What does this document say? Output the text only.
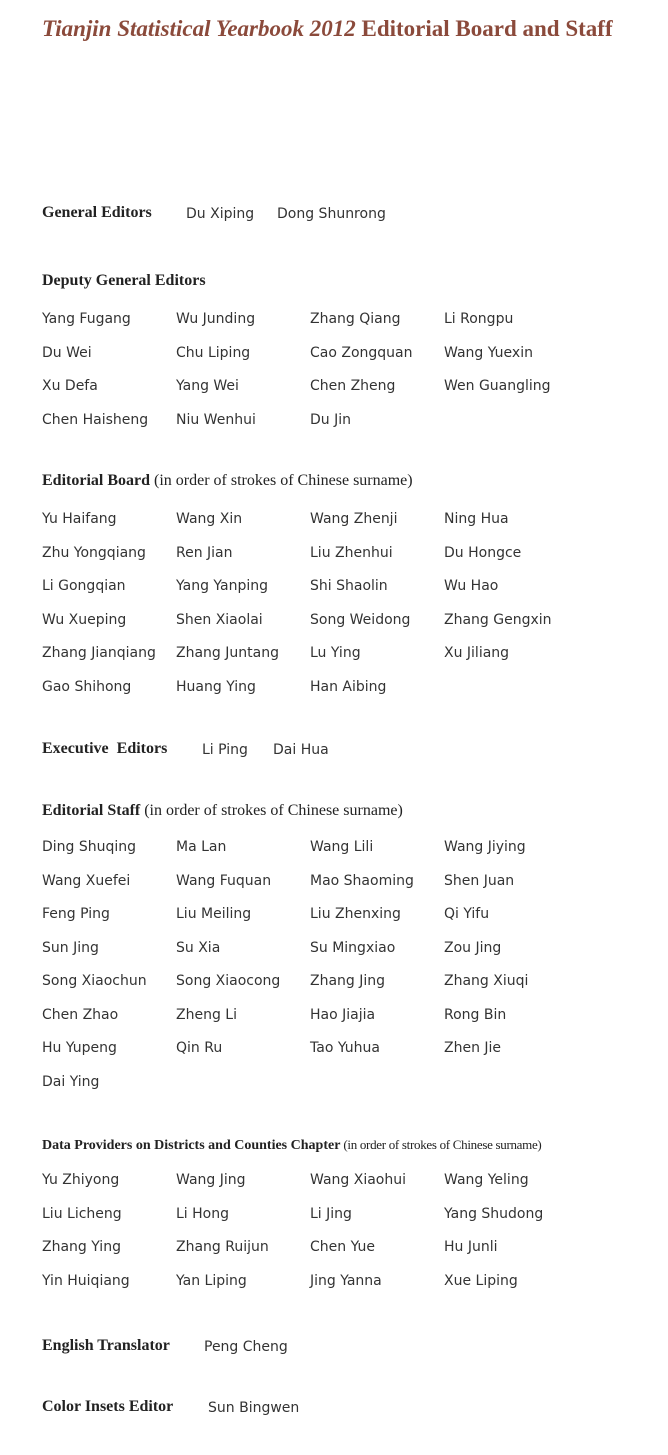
Tianjin Statistical Yearbook 2012 Editorial Board and Staff
General Editors Du Xiping Dong Shunrong
Deputy General Editors
Yang Fugang	Wu Junding	Zhang Qiang	Li Rongpu
Du Wei	Chu Liping	Cao Zongquan	Wang Yuexin
Xu Defa	Yang Wei	Chen Zheng	Wen Guangling
Chen Haisheng	Niu Wenhui	Du Jin
Editorial Board (in order of strokes of Chinese surname)
Yu Haifang	Wang Xin	Wang Zhenji	Ning Hua
Zhu Yongqiang	Ren Jian	Liu Zhenhui	Du Hongce
Li Gongqian	Yang Yanping	Shi Shaolin	Wu Hao
Wu Xueping	Shen Xiaolai	Song Weidong	Zhang Gengxin
Zhang Jianqiang	Zhang Juntang	Lu Ying	Xu Jiliang
Gao Shihong	Huang Ying	Han Aibing
Executive  Editors Li Ping Dai Hua
Editorial Staff (in order of strokes of Chinese surname)
Ding Shuqing	Ma Lan	Wang Lili	Wang Jiying
Wang Xuefei	Wang Fuquan	Mao Shaoming	Shen Juan
Feng Ping	Liu Meiling	Liu Zhenxing	Qi Yifu
Sun Jing	Su Xia	Su Mingxiao	Zou Jing
Song Xiaochun	Song Xiaocong	Zhang Jing	Zhang Xiuqi
Chen Zhao	Zheng Li	Hao Jiajia	Rong Bin
Hu Yupeng	Qin Ru	Tao Yuhua	Zhen Jie
Dai Ying
Data Providers on Districts and Counties Chapter (in order of strokes of Chinese surname)
Yu Zhiyong	Wang Jing	Wang Xiaohui	Wang Yeling
Liu Licheng	Li Hong	Li Jing	Yang Shudong
Zhang Ying	Zhang Ruijun	Chen Yue	Hu Junli
Yin Huiqiang	Yan Liping	Jing Yanna	Xue Liping
English Translator Peng Cheng
Color Insets Editor Sun Bingwen
